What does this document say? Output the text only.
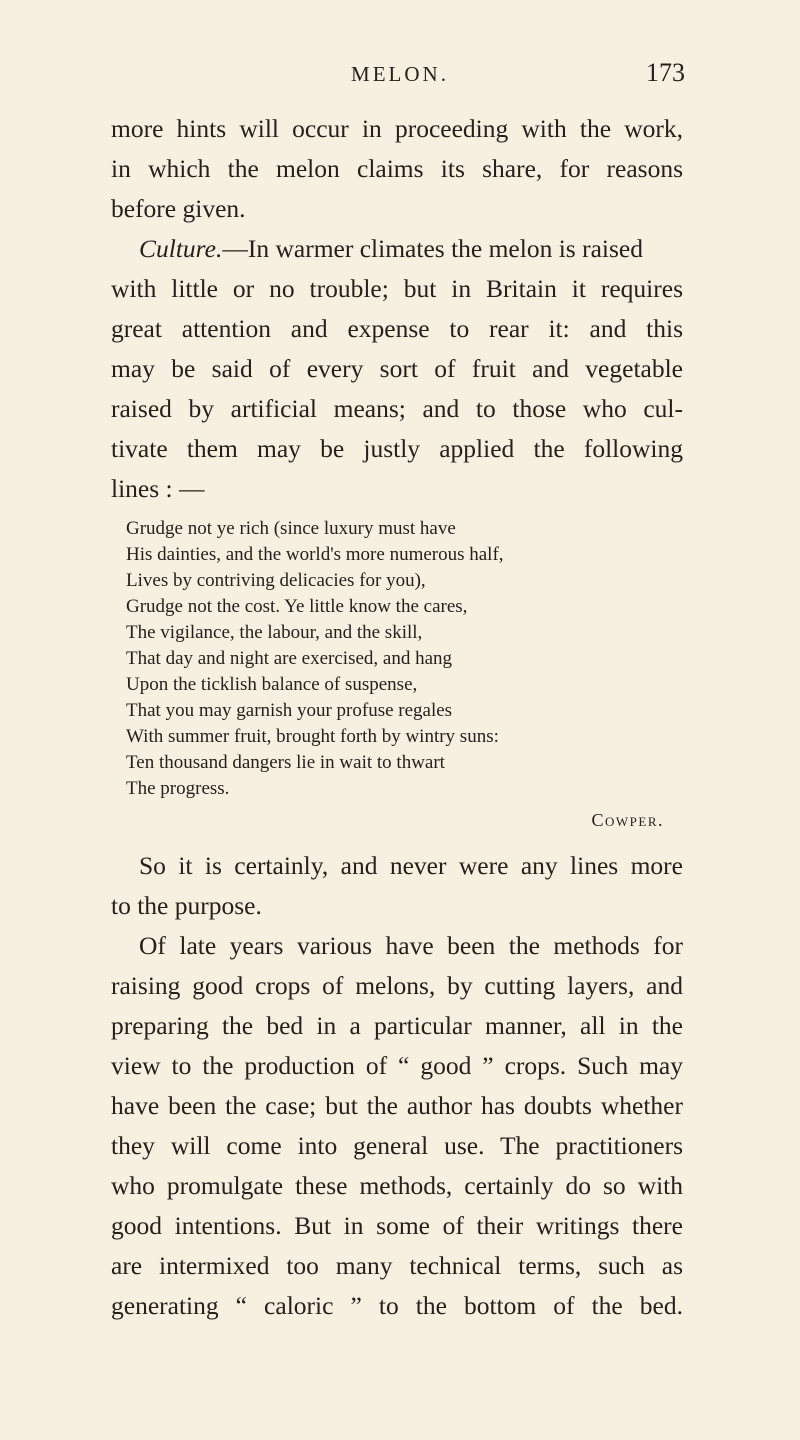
MELON.	173
more hints will occur in proceeding with the work,
in which the melon claims its share, for reasons
before given.
Culture.—In warmer climates the melon is raised
with little or no trouble; but in Britain it requires
great attention and expense to rear it: and this
may be said of every sort of fruit and vegetable
raised by artificial means; and to those who cul-
tivate them may be justly applied the following
lines : —
Grudge not ye rich (since luxury must have
His dainties, and the world's more numerous half,
Lives by contriving delicacies for you),
Grudge not the cost. Ye little know the cares,
The vigilance, the labour, and the skill,
That day and night are exercised, and hang
Upon the ticklish balance of suspense,
That you may garnish your profuse regales
With summer fruit, brought forth by wintry suns:
Ten thousand dangers lie in wait to thwart
The progress.
Cowper.
So it is certainly, and never were any lines more
to the purpose.
Of late years various have been the methods for
raising good crops of melons, by cutting layers, and
preparing the bed in a particular manner, all in the
view to the production of “ good ” crops. Such may
have been the case; but the author has doubts whether
they will come into general use. The practitioners
who promulgate these methods, certainly do so with
good intentions. But in some of their writings there
are intermixed too many technical terms, such as
generating “ caloric ” to the bottom of the bed.
